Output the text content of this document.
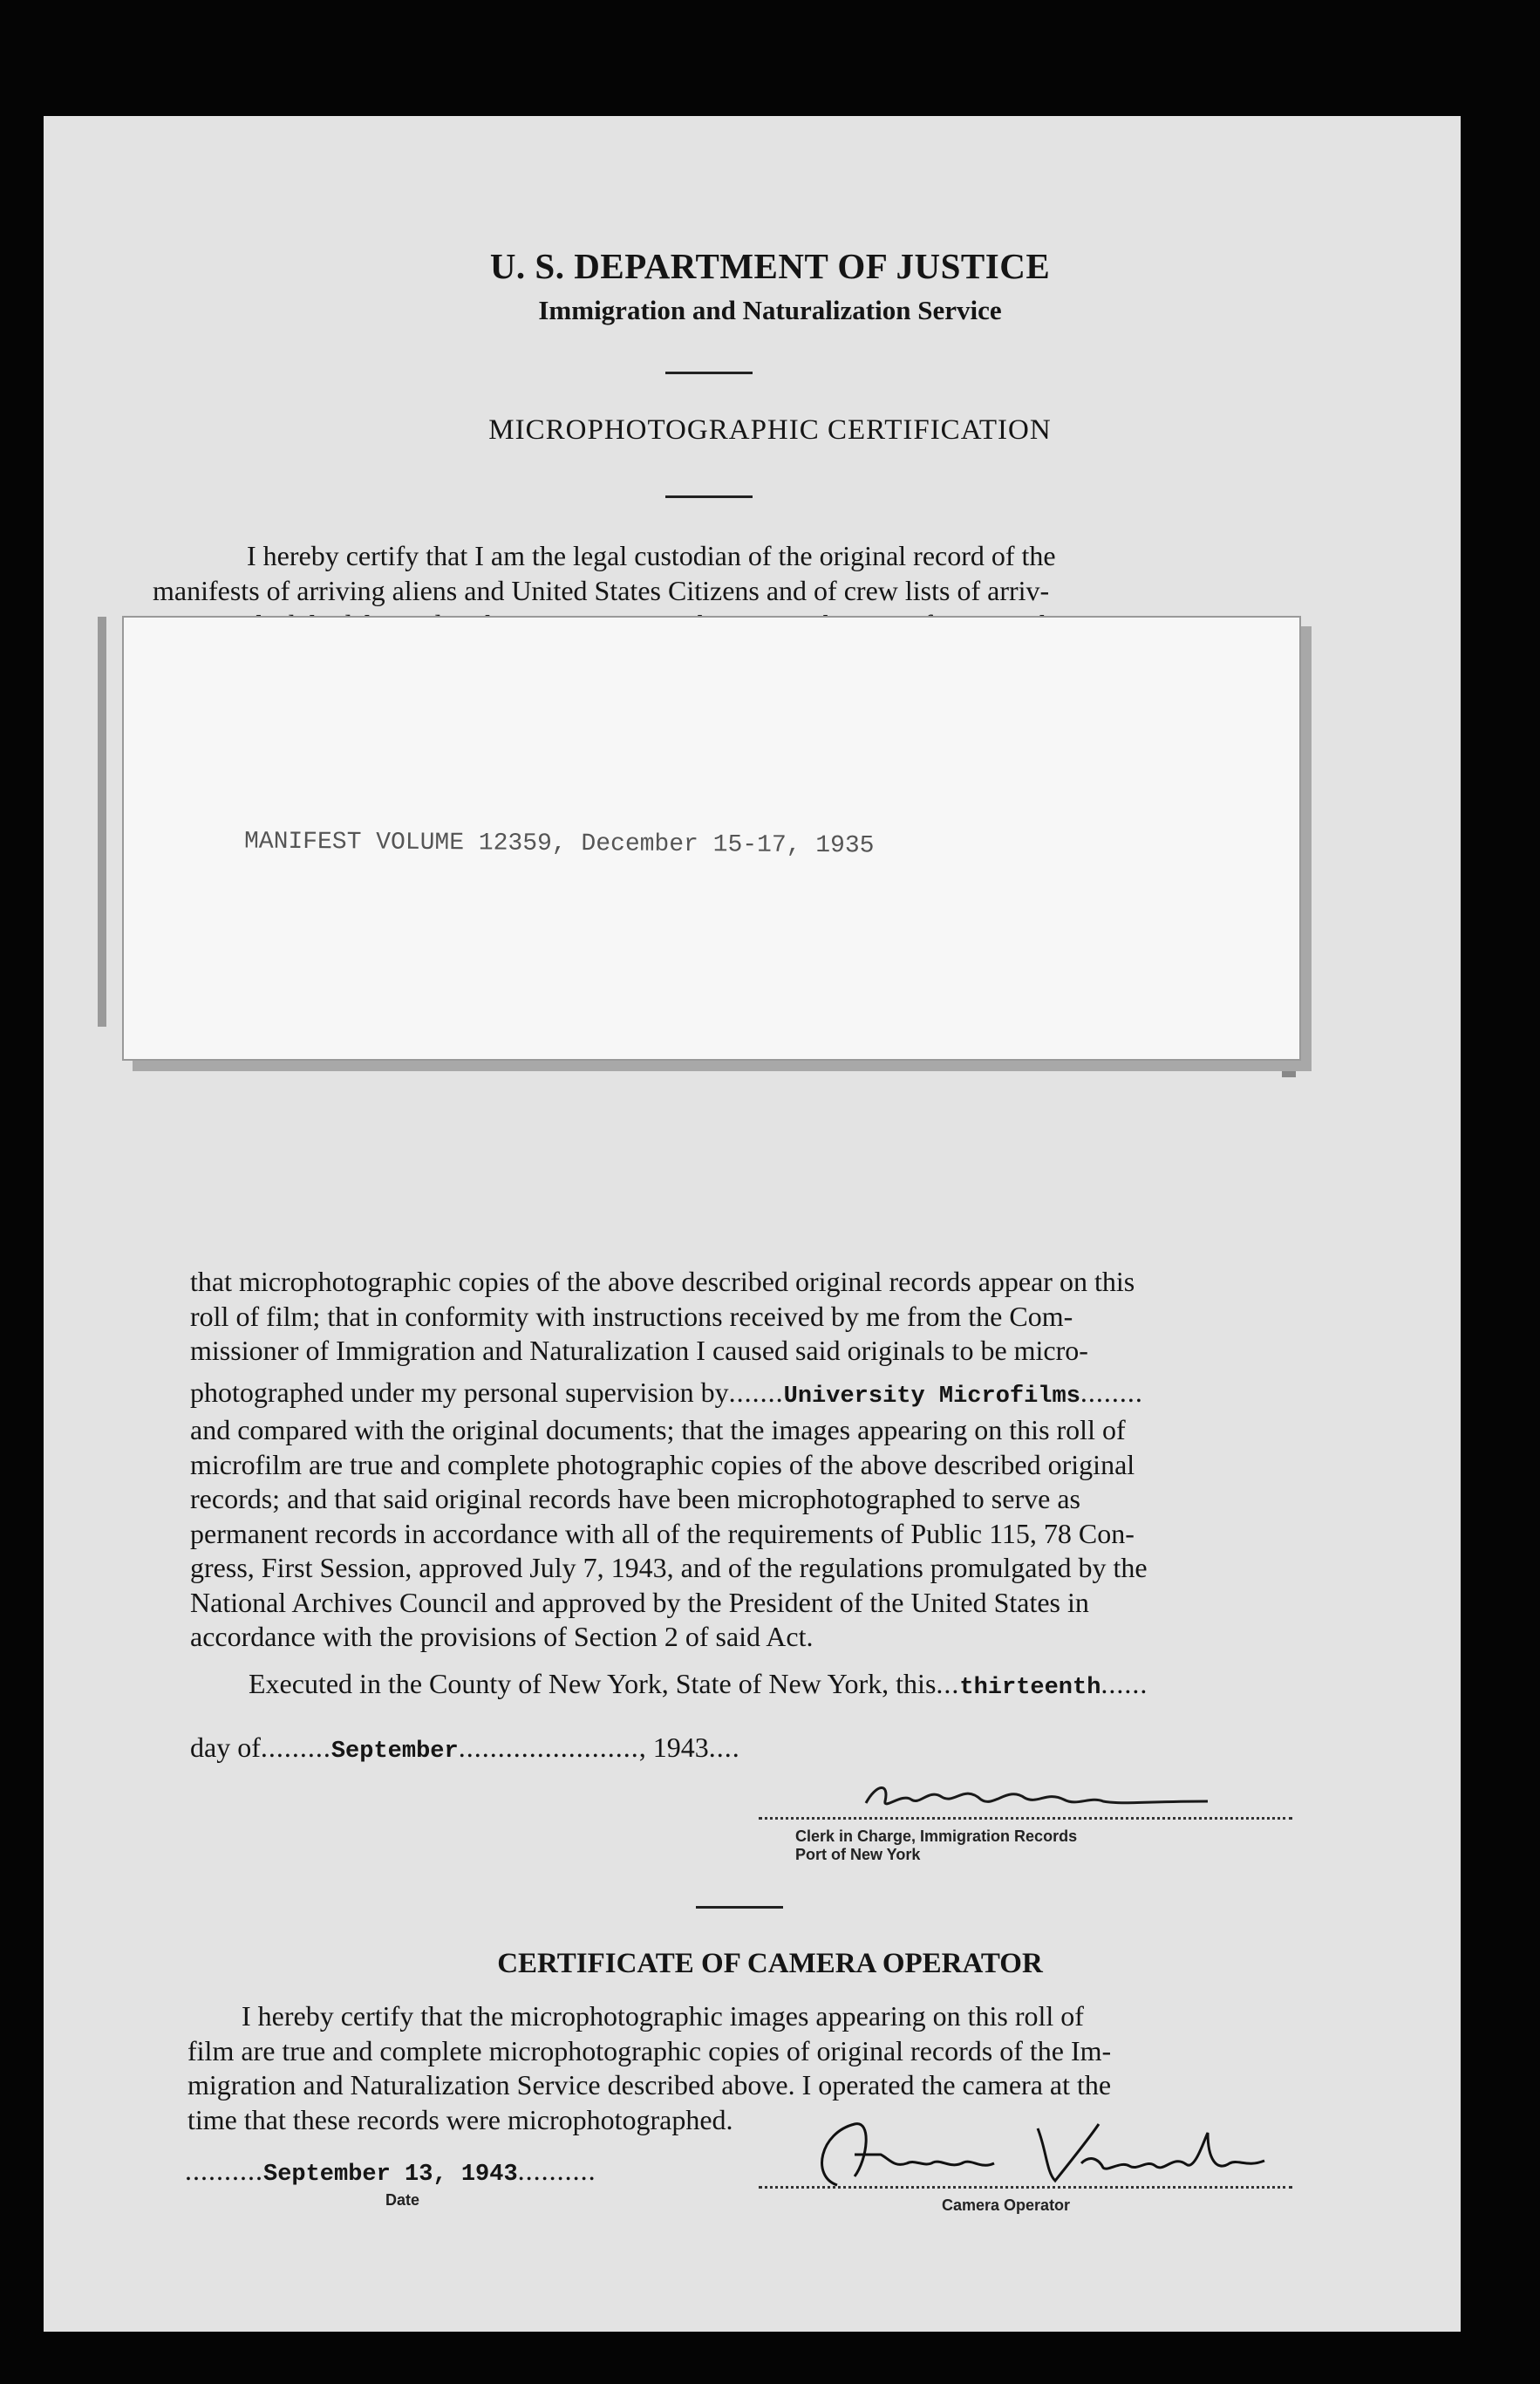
U. S. DEPARTMENT OF JUSTICE

Immigration and Naturalization Service

MICROPHOTOGRAPHIC CERTIFICATION

I hereby certify that I am the legal custodian of the original record of the
manifests of arriving aliens and United States Citizens and of crew lists of arriv-
MANIFEST VOLUME 12359, December 15-17, 1935
that microphotographic copies of the above described original records appear on this
roll of film; that in conformity with instructions received by me from the Com-
missioner of Immigration and Naturalization I caused said originals to be micro-
photographed under my personal supervision by.......University Microfilms........
and compared with the original documents; that the images appearing on this roll of
microfilm are true and complete photographic copies of the above described original
records; and that said original records have been microphotographed to serve as
permanent records in accordance with all of the requirements of Public 115, 78 Con-
gress, First Session, approved July 7, 1943, and of the regulations promulgated by the
National Archives Council and approved by the President of the United States in
accordance with the provisions of Section 2 of said Act.
Executed in the County of New York, State of New York, this...thirteenth......
day of.........September......................., 1943....
Clerk in Charge, Immigration Records
Port of New York

CERTIFICATE OF CAMERA OPERATOR

I hereby certify that the microphotographic images appearing on this roll of
film are true and complete microphotographic copies of original records of the Im-
migration and Naturalization Service described above. I operated the camera at the
time that these records were microphotographed.
..........September 13, 1943..........
Date	Camera Operator
